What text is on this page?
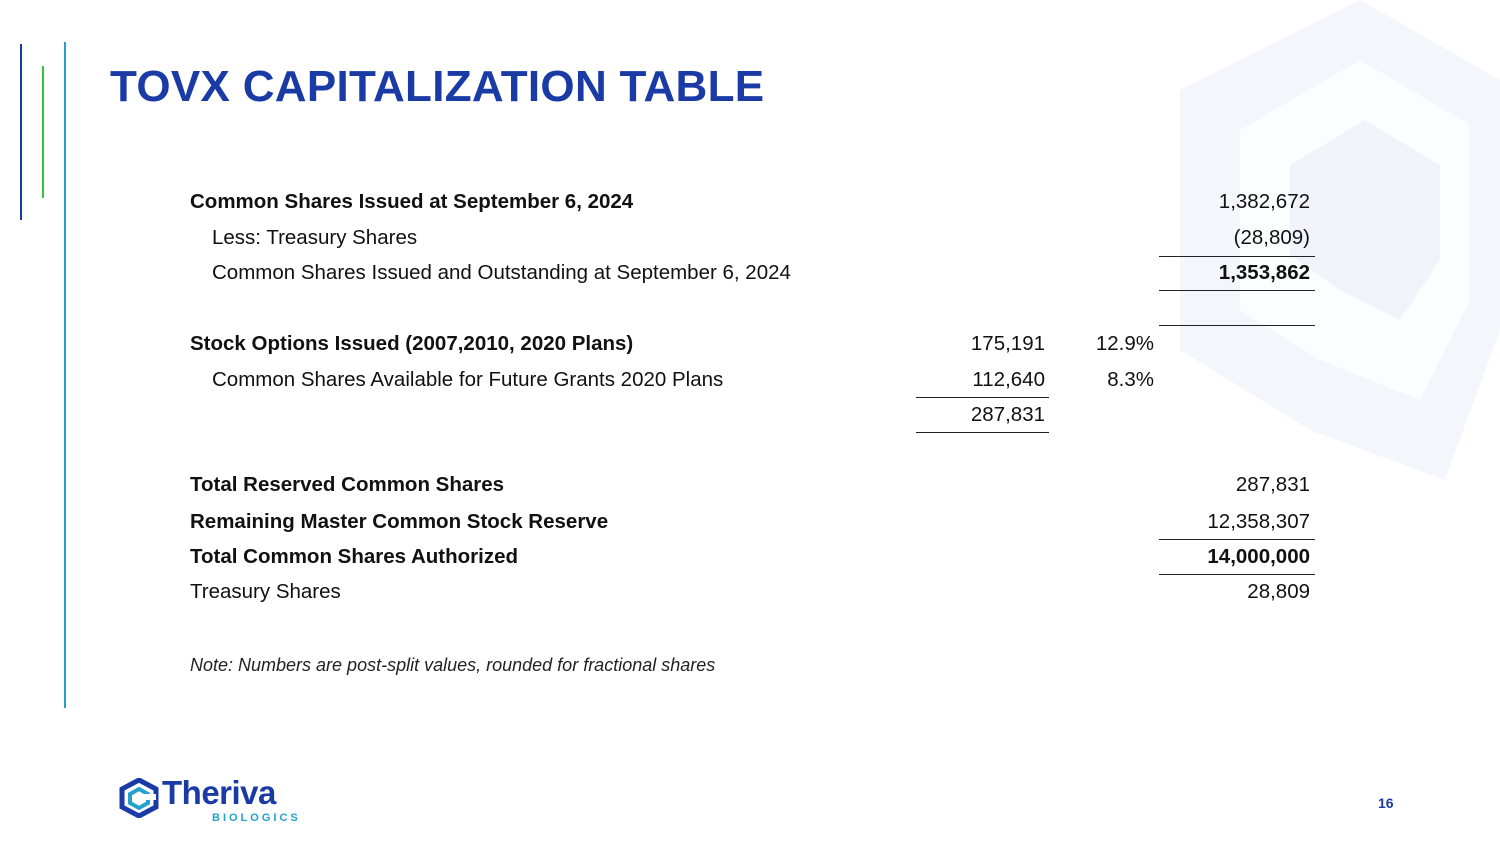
TOVX CAPITALIZATION TABLE
Common Shares Issued at September 6, 2024	1,382,672
Less: Treasury Shares	(28,809)
Common Shares Issued and Outstanding at September 6, 2024	1,353,862
Stock Options Issued (2007,2010, 2020 Plans)	175,191	12.9%
Common Shares Available for Future Grants 2020 Plans	112,640	8.3%
287,831
Total Reserved Common Shares	287,831
Remaining Master Common Stock Reserve	12,358,307
Total Common Shares Authorized	14,000,000
Treasury Shares	28,809
Note: Numbers are post-split values, rounded for fractional shares
Theriva
BIOLOGICS
16
